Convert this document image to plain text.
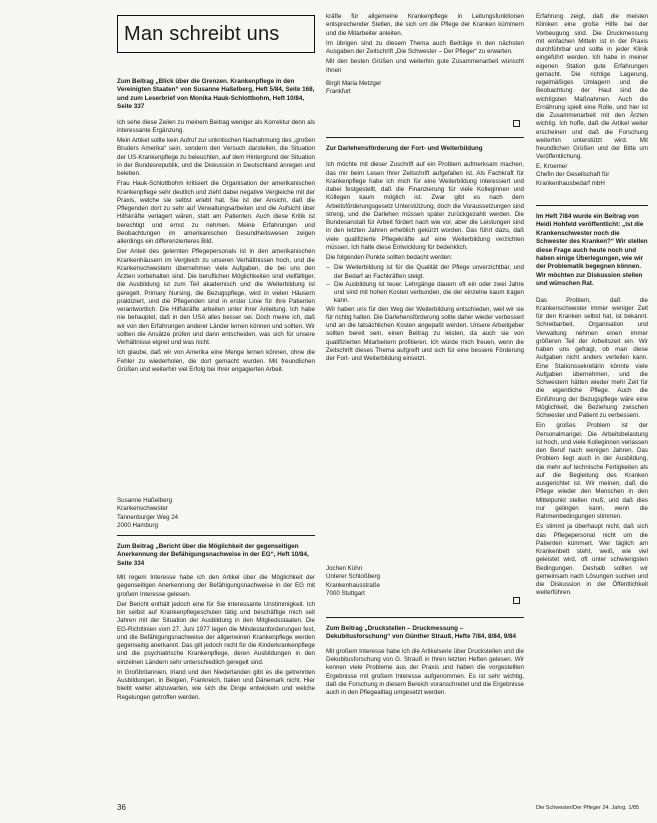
Man schreibt uns

Zum Beitrag „Blick über die Grenzen. Krankenpflege in den Vereinigten Staaten“ von Susanne Haßelberg, Heft 5/84, Seite 168, und zum Leserbrief von Monika Hauk-Schlottbohm, Heft 10/84, Seite 337

Ich sehe diese Zeilen zu meinem Beitrag weniger als Korrektur denn als interessante Ergänzung.

Mein Artikel sollte kein Aufruf zur unkritischen Nachahmung des „großen Bruders Amerika“ sein, sondern den Versuch darstellen, die Situation der US-Krankenpflege zu beleuchten, auf dem Hintergrund der Situation in der Bundesrepublik, und die Diskussion in Deutschland anregen und beleben.

Frau Hauk-Schlottbohm kritisiert die Organisation der amerikanischen Krankenpflege sehr deutlich und zieht dabei negative Vergleiche mit der Praxis, welche sie selbst erlebt hat. Sie ist der Ansicht, daß die Pflegenden dort zu sehr auf Verwaltungsarbeiten und die Aufsicht über Hilfskräfte verlagert wären, statt am Patienten. Auch diese Kritik ist berechtigt und ernst zu nehmen. Meine Erfahrungen und Beobachtungen im amerikanischen Gesundheitswesen zeigen allerdings ein differenzierteres Bild.

Der Anteil des gelernten Pflegepersonals ist in den amerikanischen Krankenhäusern im Vergleich zu unseren Verhältnissen hoch, und die Krankenschwestern übernehmen viele Aufgaben, die bei uns den Ärzten vorbehalten sind. Die beruflichen Möglichkeiten sind vielfältiger, die Ausbildung ist zum Teil akademisch und die Weiterbildung ist geregelt. Primary Nursing, die Bezugspflege, wird in vielen Häusern praktiziert, und die Pflegenden sind in erster Linie für ihre Patienten verantwortlich. Die Hilfskräfte arbeiten unter ihrer Anleitung. Ich habe nie behauptet, daß in den USA alles besser sei. Doch meine ich, daß wir von den Erfahrungen anderer Länder lernen können und sollten. Wir sollten die Ansätze prüfen und dann entscheiden, was sich für unsere Verhältnisse eignet und was nicht.

Ich glaube, daß wir von Amerika eine Menge lernen können, ohne die Fehler zu wiederholen, die dort gemacht wurden. Mit freundlichen Grüßen und weiterhin viel Erfolg bei Ihrer engagierten Arbeit.

Susanne Haßelberg

Krankenschwester

Tannenburger Weg 24

2000 Hamburg

Zum Beitrag „Bericht über die Möglichkeit der gegenseitigen Anerkennung der Befähigungsnachweise in der EG“, Heft 10/84, Seite 334

Mit regem Interesse habe ich den Artikel über die Möglichkeit der gegenseitigen Anerkennung der Befähigungsnachweise in der EG mit großem Interesse gelesen.

Der Bericht enthält jedoch eine für Sie interessante Unstimmigkeit. Ich bin selbst auf Krankenpflegeschulen tätig und beschäftige mich seit Jahren mit der Situation der Ausbildung in den Mitgliedsstaaten. Die EG-Richtlinien vom 27. Juni 1977 legen die Mindestanforderungen fest, und die Befähigungsnachweise der allgemeinen Krankenpflege werden gegenseitig anerkannt. Das gilt jedoch nicht für die Kinderkrankenpflege und die psychiatrische Krankenpflege, deren Ausbildungen in den einzelnen Ländern sehr unterschiedlich geregelt sind.

In Großbritannien, Irland und den Niederlanden gibt es die getrennten Ausbildungen, in Belgien, Frankreich, Italien und Dänemark nicht. Hier bleibt weiter abzuwarten, wie sich die Dinge entwickeln und welche Regelungen getroffen werden.

kräfte für allgemeine Krankenpflege in Leitungsfunktionen entsprechender Stellen, die sich um die Pflege der Kranken kümmern und die Mitarbeiter anleiten.

Im übrigen sind zu diesem Thema auch Beiträge in den nächsten Ausgaben der Zeitschrift „Die Schwester – Der Pfleger“ zu erwarten.

Mit den besten Grüßen und weiterhin gute Zusammenarbeit wünscht Ihnen

Birgit Maria Metzger

Frankfurt

Zur Darlehensförderung der Fort- und Weiterbildung

Ich möchte mit dieser Zuschrift auf ein Problem aufmerksam machen, das mir beim Lesen Ihrer Zeitschrift aufgefallen ist. Als Fachkraft für Krankenpflege habe ich mich für eine Weiterbildung interessiert und dabei festgestellt, daß die Finanzierung für viele Kolleginnen und Kollegen kaum möglich ist. Zwar gibt es nach dem Arbeitsförderungsgesetz Unterstützung, doch die Voraussetzungen sind streng, und die Darlehen müssen später zurückgezahlt werden. Die Bundesanstalt für Arbeit fördert nach wie vor, aber die Leistungen sind in den letzten Jahren erheblich gekürzt worden. Das führt dazu, daß viele qualifizierte Pflegekräfte auf eine Weiterbildung verzichten müssen. Ich halte diese Entwicklung für bedenklich.

Die folgenden Punkte sollten bedacht werden:

– Die Weiterbildung ist für die Qualität der Pflege unverzichtbar, und der Bedarf an Fachkräften steigt.
– Die Ausbildung ist teuer. Lehrgänge dauern oft ein oder zwei Jahre und sind mit hohen Kosten verbunden, die der einzelne kaum tragen kann.

Wir haben uns für den Weg der Weiterbildung entschieden, weil wir sie für richtig halten. Die Darlehensförderung sollte daher wieder verbessert und an die tatsächlichen Kosten angepaßt werden. Unsere Arbeitgeber sollten bereit sein, einen Beitrag zu leisten, da auch sie von qualifizierten Mitarbeitern profitieren. Ich würde mich freuen, wenn die Zeitschrift dieses Thema aufgreift und sich für eine bessere Förderung der Fort- und Weiterbildung einsetzt.

Jochen Kühn

Unterer Schloßberg

Krankenhausstraße

7000 Stuttgart

Zum Beitrag „Druckstellen – Druckmessung – Dekubitusforschung“ von Günther Strauß, Hefte 7/84, 8/84, 9/84

Mit großem Interesse habe ich die Artikelserie über Druckstellen und die Dekubitusforschung von G. Strauß in Ihren letzten Heften gelesen. Wir kennen viele Probleme aus der Praxis und haben die vorgestellten Ergebnisse mit großem Interesse aufgenommen. Es ist sehr wichtig, daß die Forschung in diesem Bereich voranschreitet und die Ergebnisse auch in den Pflegealltag umgesetzt werden.

Erfahrung zeigt, daß die meisten Kliniken eine große Hilfe bei der Vorbeugung sind. Die Druckmessung mit einfachen Mitteln ist in der Praxis durchführbar und sollte in jeder Klinik eingeführt werden. Ich habe in meiner eigenen Station gute Erfahrungen gemacht. Die richtige Lagerung, regelmäßiges Umlagern und die Beobachtung der Haut sind die wichtigsten Maßnahmen. Auch die Ernährung spielt eine Rolle, und hier ist die Zusammenarbeit mit den Ärzten wichtig. Ich hoffe, daß die Artikel weiter erscheinen und daß die Forschung weiterhin unterstützt wird. Mit freundlichen Grüßen und der Bitte um Veröffentlichung.

E. Kroemer

Chefin der Gesellschaft für

Krankenhausbedarf mbH

Im Heft 7/84 wurde ein Beitrag von Heidi Hohfeld veröffentlicht: „Ist die Krankenschwester noch die Schwester des Kranken?“ Wir stellen diese Frage auch heute noch und haben einige Überlegungen, wie wir der Problematik begegnen können. Wir möchten zur Diskussion stellen und wünschen Rat.

Das Problem, daß die Krankenschwester immer weniger Zeit für den Kranken selbst hat, ist bekannt. Schreibarbeit, Organisation und Verwaltung nehmen einen immer größeren Teil der Arbeitszeit ein. Wir haben uns gefragt, ob man diese Aufgaben nicht anders verteilen kann. Eine Stationssekretärin könnte viele Aufgaben übernehmen, und die Schwestern hätten wieder mehr Zeit für die eigentliche Pflege. Auch die Einführung der Bezugspflege wäre eine Möglichkeit, die Beziehung zwischen Schwester und Patient zu verbessern.

Ein großes Problem ist der Personalmangel. Die Arbeitsbelastung ist hoch, und viele Kolleginnen verlassen den Beruf nach wenigen Jahren. Das Problem liegt auch in der Ausbildung, die mehr auf technische Fertigkeiten als auf die Begleitung des Kranken ausgerichtet ist. Wir meinen, daß die Pflege wieder den Menschen in den Mittelpunkt stellen muß, und daß dies nur gelingen kann, wenn die Rahmenbedingungen stimmen.

Es stimmt ja überhaupt nicht, daß sich das Pflegepersonal nicht um die Patienten kümmert. Wer täglich am Krankenbett steht, weiß, wie viel geleistet wird, oft unter schwierigsten Bedingungen. Deshalb sollten wir gemeinsam nach Lösungen suchen und die Diskussion in der Öffentlichkeit weiterführen.

36	Die Schwester/Der Pfleger 24. Jahrg. 1/85
